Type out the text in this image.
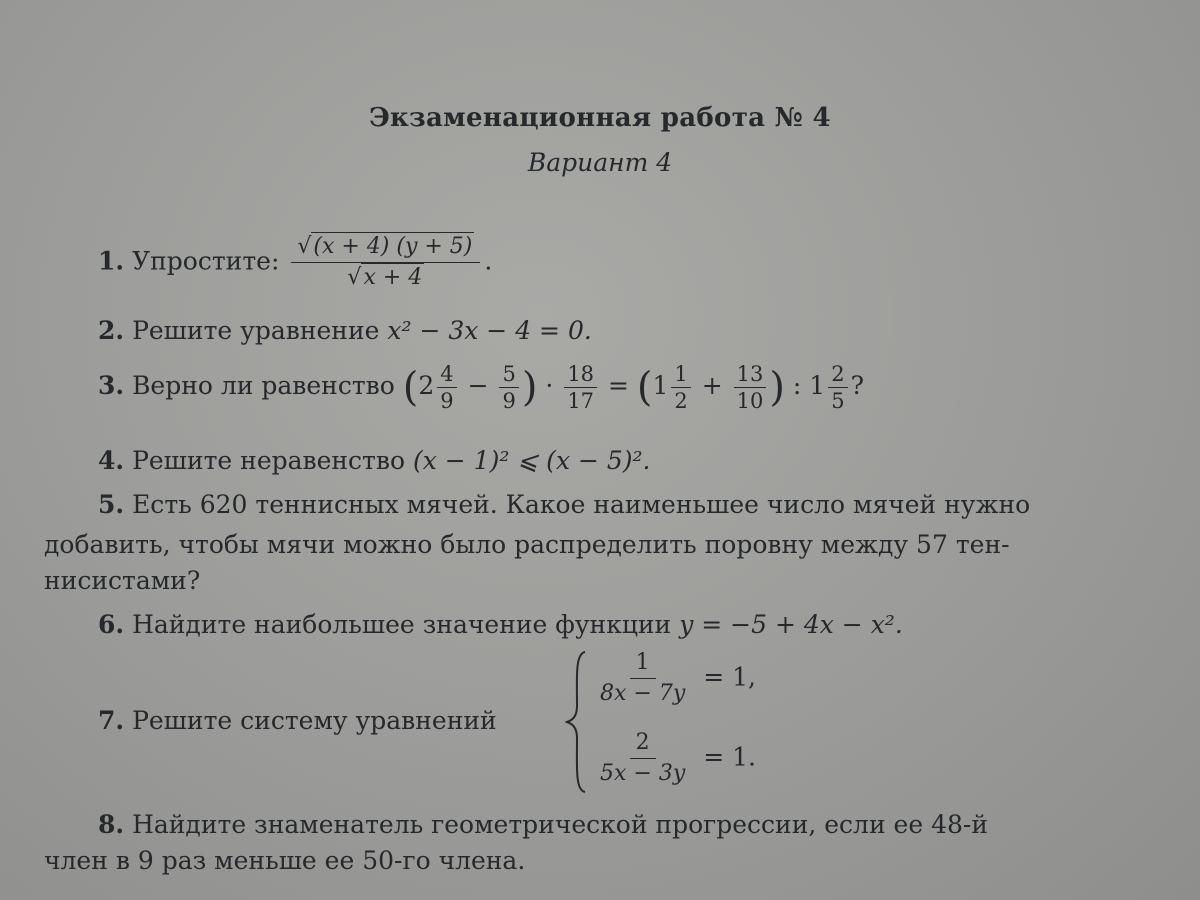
Экзаменационная работа № 4
Вариант 4
1. Упростите: $\frac{√(x + 4) (y + 5)}{√x + 4}$ .
2. Решите уравнение x² − 3x − 4 = 0.
3. Верно ли равенство ($2 \frac{4}{9} - \frac{5}{9}$ ) · $\frac{18}{17} = (1 \frac{1}{2} + \frac{13}{10}$ ) : $1 \frac{2}{5}$ ?
4. Решите неравенство (x − 1)² ⩽ (x − 5)².
5. Есть 620 теннисных мячей. Какое наименьшее число мячей нужно
добавить, чтобы мячи можно было распределить поровну между 57 тен-
нисистами?
6. Найдите наибольшее значение функции y = −5 + 4x − x².
7. Решите систему уравнений
$\frac{1}{8x - 7y} = 1$,
$\frac{2}{5x - 3y} = 1$.
8. Найдите знаменатель геометрической прогрессии, если ее 48-й
член в 9 раз меньше ее 50-го члена.
